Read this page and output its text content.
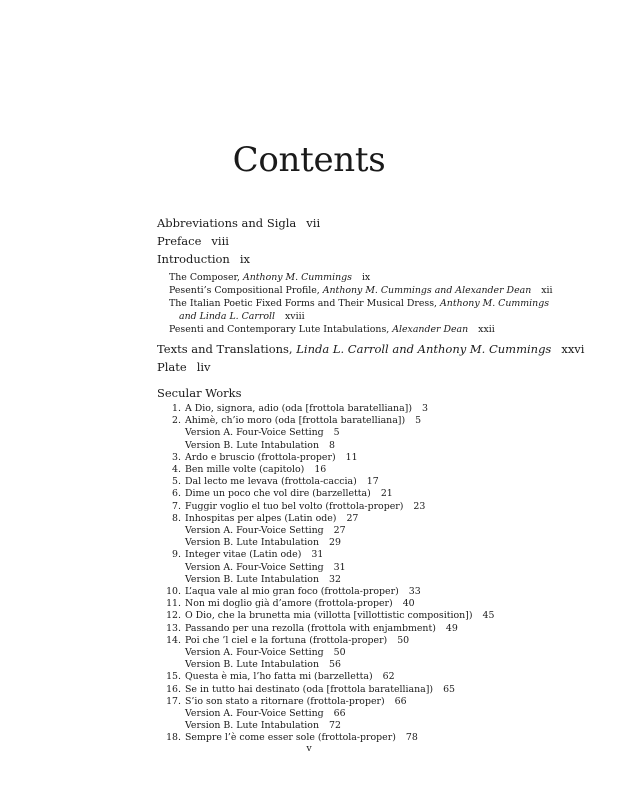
Contents
Abbreviations and Sigla vii
Preface viii
Introduction ix
The Composer, Anthony M. Cummings ix
Pesenti’s Compositional Profile, Anthony M. Cummings and Alexander Dean xii
The Italian Poetic Fixed Forms and Their Musical Dress, Anthony M. Cummings
and Linda L. Carroll xviii
Pesenti and Contemporary Lute Intabulations, Alexander Dean xxii
Texts and Translations, Linda L. Carroll and Anthony M. Cummings xxvi
Plate liv
Secular Works
1. A Dio, signora, adio (oda [frottola baratelliana]) 3
2. Ahimè, ch’io moro (oda [frottola baratelliana]) 5
Version A. Four-Voice Setting 5
Version B. Lute Intabulation 8
3. Ardo e bruscio (frottola-proper) 11
4. Ben mille volte (capitolo) 16
5. Dal lecto me levava (frottola-caccia) 17
6. Dime un poco che vol dire (barzelletta) 21
7. Fuggir voglio el tuo bel volto (frottola-proper) 23
8. Inhospitas per alpes (Latin ode) 27
Version A. Four-Voice Setting 27
Version B. Lute Intabulation 29
9. Integer vitae (Latin ode) 31
Version A. Four-Voice Setting 31
Version B. Lute Intabulation 32
10. L’aqua vale al mio gran foco (frottola-proper) 33
11. Non mi doglio già d’amore (frottola-proper) 40
12. O Dio, che la brunetta mia (villotta [villottistic composition]) 45
13. Passando per una rezolla (frottola with enjambment) 49
14. Poi che ’l ciel e la fortuna (frottola-proper) 50
Version A. Four-Voice Setting 50
Version B. Lute Intabulation 56
15. Questa è mia, l’ho fatta mi (barzelletta) 62
16. Se in tutto hai destinato (oda [frottola baratelliana]) 65
17. S’io son stato a ritornare (frottola-proper) 66
Version A. Four-Voice Setting 66
Version B. Lute Intabulation 72
18. Sempre l’è come esser sole (frottola-proper) 78
v
